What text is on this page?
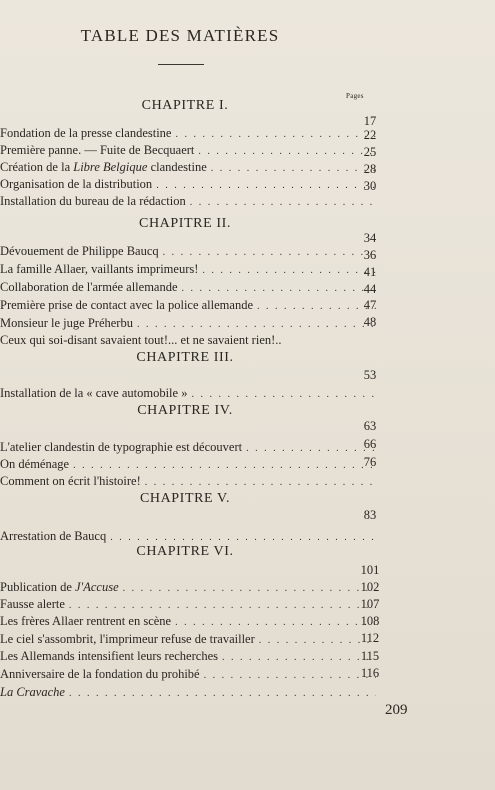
TABLE DES MATIÈRES
Pages
CHAPITRE I.
Fondation de la presse clandestine
. . .
Première panne. — Fuite de Becquaert
. . .
Création de la Libre Belgique clandestine
. . .
Organisation de la distribution
. . .
Installation du bureau de la rédaction
. . .
17
22
25
28
30
CHAPITRE II.
Dévouement de Philippe Baucq
. . .
La famille Allaer, vaillants imprimeurs!
. . .
Collaboration de l'armée allemande
. . .
Première prise de contact avec la police allemande
. . .
Monsieur le juge Préherbu
. . .
Ceux qui soi-disant savaient tout!... et ne savaient rien!..
34
36
41
44
47
48
CHAPITRE III.
Installation de la « cave automobile »
. . .
53
CHAPITRE IV.
L'atelier clandestin de typographie est découvert
. . .
On déménage
. . .
Comment on écrit l'histoire!
. . .
63
66
76
CHAPITRE V.
Arrestation de Baucq
. . .
83
CHAPITRE VI.
Publication de J'Accuse
. . .
Fausse alerte
. . .
Les frères Allaer rentrent en scène
. . .
Le ciel s'assombrit, l'imprimeur refuse de travailler
. . .
Les Allemands intensifient leurs recherches
. . .
Anniversaire de la fondation du prohibé
. . .
La Cravache
. . .
101
102
107
108
112
115
116
209
